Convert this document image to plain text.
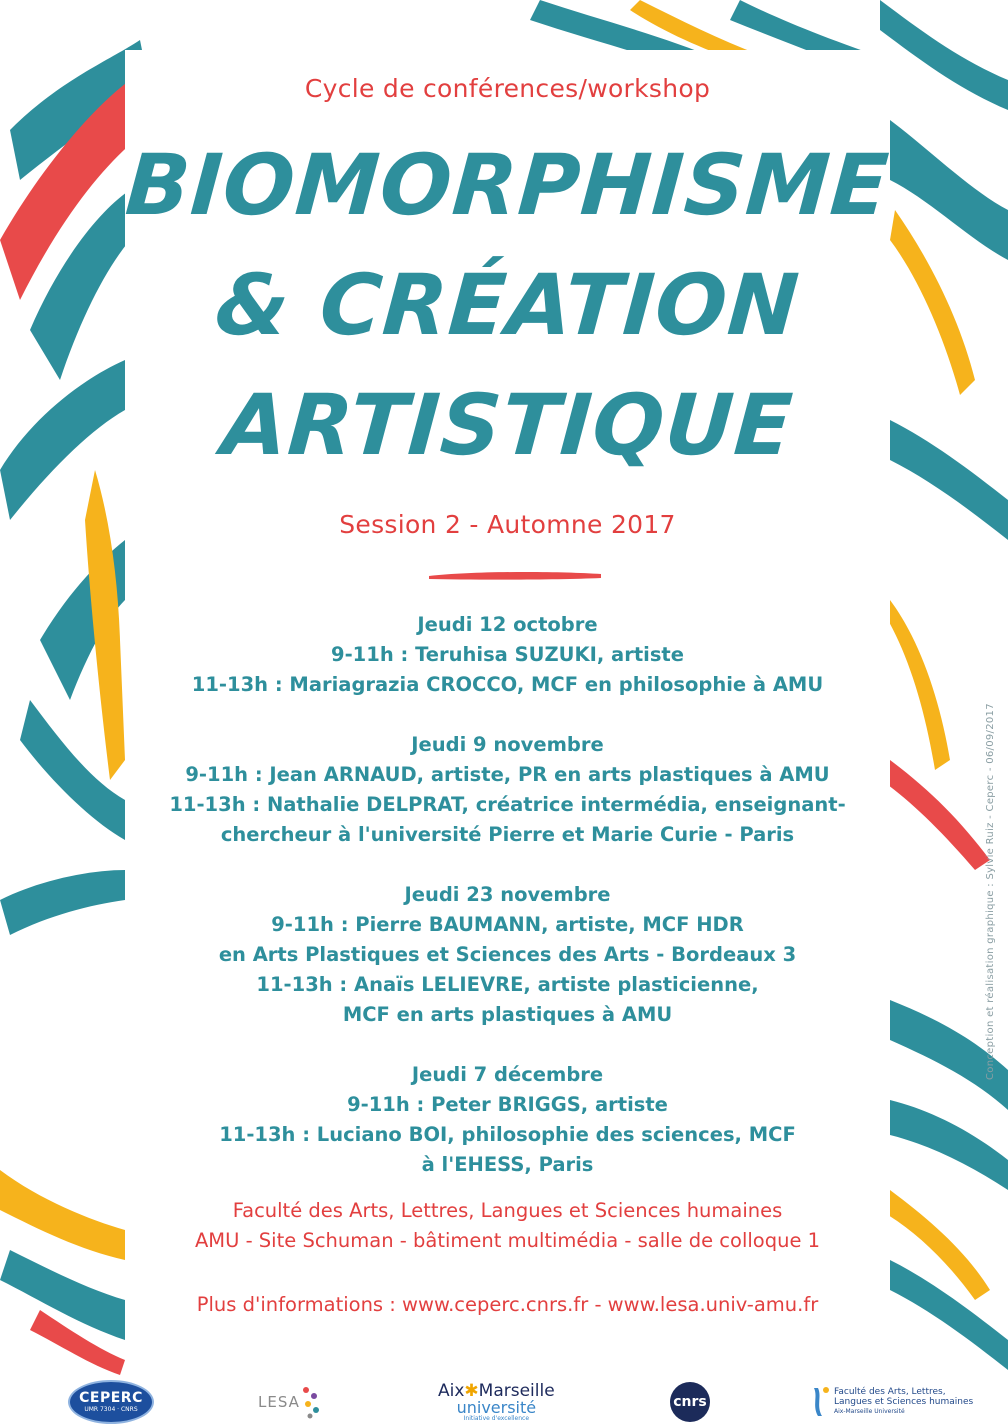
Cycle de conférences/workshop
BIOMORPHISME
& CRÉATION
ARTISTIQUE
Session 2 - Automne 2017
Jeudi 12 octobre
9-11h : Teruhisa SUZUKI, artiste
11-13h : Mariagrazia CROCCO, MCF en philosophie à AMU
Jeudi 9 novembre
9-11h : Jean ARNAUD, artiste, PR en arts plastiques à AMU
11-13h : Nathalie DELPRAT, créatrice intermédia, enseignant-
chercheur à l'université Pierre et Marie Curie - Paris
Jeudi 23 novembre
9-11h : Pierre BAUMANN, artiste, MCF HDR
en Arts Plastiques et Sciences des Arts - Bordeaux 3
11-13h : Anaïs LELIEVRE, artiste plasticienne,
MCF en arts plastiques à AMU
Jeudi 7 décembre
9-11h : Peter BRIGGS, artiste
11-13h : Luciano BOI, philosophie des sciences, MCF
à l'EHESS, Paris
Faculté des Arts, Lettres, Langues et Sciences humaines
AMU - Site Schuman - bâtiment multimédia - salle de colloque 1
Plus d'informations : www.ceperc.cnrs.fr - www.lesa.univ-amu.fr
Conception et réalisation graphique : Sylvie Ruiz - Ceperc - 06/09/2017
CEPERC
UMR 7304 · CNRS	LESA
Aix✱Marseille
université
Initiative d'excellence
cnrs
Faculté des Arts, Lettres,
Langues et Sciences humaines
Aix-Marseille Université
